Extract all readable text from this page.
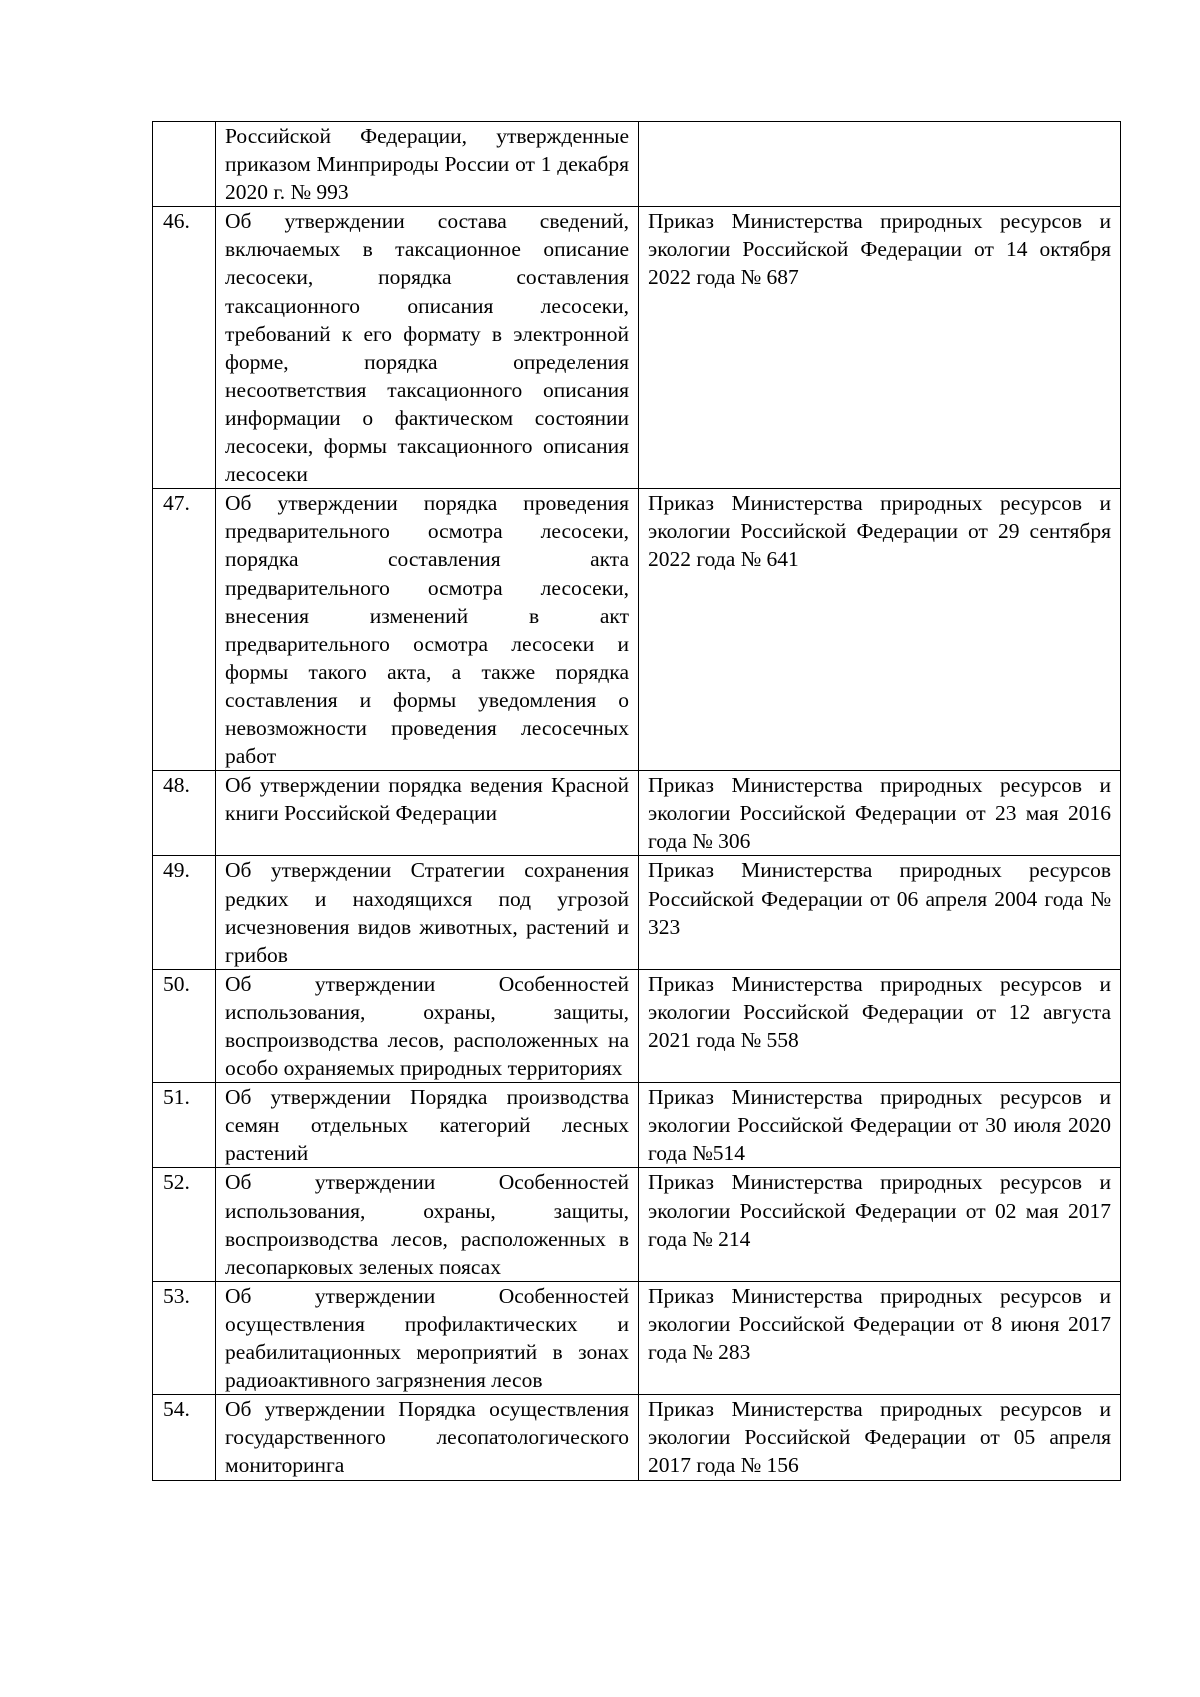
	Российской Федерации, утвержденные приказом Минприроды России от 1 декабря 2020 г. № 993	
46.	Об утверждении состава сведений, включаемых в таксационное описание лесосеки, порядка составления таксационного описания лесосеки, требований к его формату в электронной форме, порядка определения несоответствия таксационного описания информации о фактическом состоянии лесосеки, формы таксационного описания лесосеки	Приказ Министерства природных ресурсов и экологии Российской Федерации от 14 октября 2022 года № 687
47.	Об утверждении порядка проведения предварительного осмотра лесосеки, порядка составления акта предварительного осмотра лесосеки, внесения изменений в акт предварительного осмотра лесосеки и формы такого акта, а также порядка составления и формы уведомления о невозможности проведения лесосечных работ	Приказ Министерства природных ресурсов и экологии Российской Федерации от 29 сентября 2022 года № 641
48.	Об утверждении порядка ведения Красной книги Российской Федерации	Приказ Министерства природных ресурсов и экологии Российской Федерации от 23 мая 2016 года № 306
49.	Об утверждении Стратегии сохранения редких и находящихся под угрозой исчезновения видов животных, растений и грибов	Приказ Министерства природных ресурсов Российской Федерации от 06 апреля 2004 года № 323
50.	Об утверждении Особенностей использования, охраны, защиты, воспроизводства лесов, расположенных на особо охраняемых природных территориях	Приказ Министерства природных ресурсов и экологии Российской Федерации от 12 августа 2021 года № 558
51.	Об утверждении Порядка производства семян отдельных категорий лесных растений	Приказ Министерства природных ресурсов и экологии Российской Федерации от 30 июля 2020 года №514
52.	Об утверждении Особенностей использования, охраны, защиты, воспроизводства лесов, расположенных в лесопарковых зеленых поясах	Приказ Министерства природных ресурсов и экологии Российской Федерации от 02 мая 2017 года № 214
53.	Об утверждении Особенностей осуществления профилактических и реабилитационных мероприятий в зонах радиоактивного загрязнения лесов	Приказ Министерства природных ресурсов и экологии Российской Федерации от 8 июня 2017 года № 283
54.	Об утверждении Порядка осуществления государственного лесопатологического мониторинга	Приказ Министерства природных ресурсов и экологии Российской Федерации от 05 апреля 2017 года № 156
